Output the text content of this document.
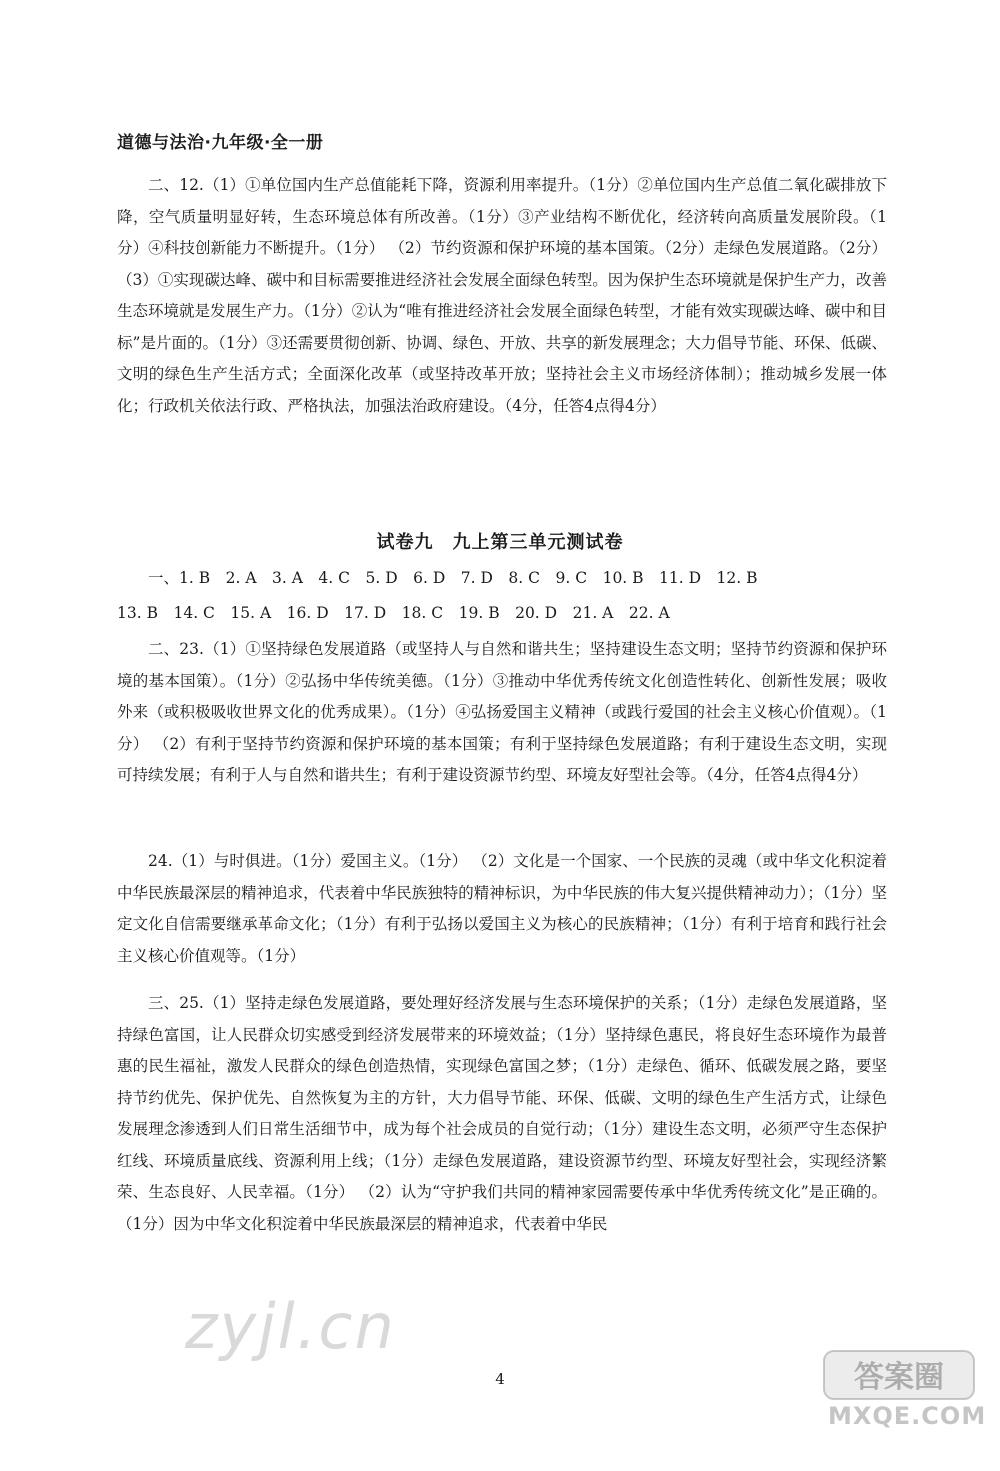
道德与法治·九年级·全一册
二、12.（1）①单位国内生产总值能耗下降，资源利用率提升。（1分）②单位国内生产总值二氧化碳排放下降，空气质量明显好转，生态环境总体有所改善。（1分）③产业结构不断优化，经济转向高质量发展阶段。（1分）④科技创新能力不断提升。（1分） （2）节约资源和保护环境的基本国策。（2分）走绿色发展道路。（2分） （3）①实现碳达峰、碳中和目标需要推进经济社会发展全面绿色转型。因为保护生态环境就是保护生产力，改善生态环境就是发展生产力。（1分）②认为“唯有推进经济社会发展全面绿色转型，才能有效实现碳达峰、碳中和目标”是片面的。（1分）③还需要贯彻创新、协调、绿色、开放、共享的新发展理念；大力倡导节能、环保、低碳、文明的绿色生产生活方式；全面深化改革（或坚持改革开放；坚持社会主义市场经济体制）；推动城乡发展一体化；行政机关依法行政、严格执法，加强法治政府建设。（4分，任答4点得4分）
试卷九　九上第三单元测试卷
一、1. B　2. A　3. A　4. C　5. D　6. D　7. D　8. C　9. C　10. B　11. D　12. B
13. B　14. C　15. A　16. D　17. D　18. C　19. B　20. D　21. A　22. A
二、23.（1）①坚持绿色发展道路（或坚持人与自然和谐共生；坚持建设生态文明；坚持节约资源和保护环境的基本国策）。（1分）②弘扬中华传统美德。（1分）③推动中华优秀传统文化创造性转化、创新性发展；吸收外来（或积极吸收世界文化的优秀成果）。（1分）④弘扬爱国主义精神（或践行爱国的社会主义核心价值观）。（1分） （2）有利于坚持节约资源和保护环境的基本国策；有利于坚持绿色发展道路；有利于建设生态文明，实现可持续发展；有利于人与自然和谐共生；有利于建设资源节约型、环境友好型社会等。（4分，任答4点得4分）
24.（1）与时俱进。（1分）爱国主义。（1分） （2）文化是一个国家、一个民族的灵魂（或中华文化积淀着中华民族最深层的精神追求，代表着中华民族独特的精神标识，为中华民族的伟大复兴提供精神动力）；（1分）坚定文化自信需要继承革命文化；（1分）有利于弘扬以爱国主义为核心的民族精神；（1分）有利于培育和践行社会主义核心价值观等。（1分）
三、25.（1）坚持走绿色发展道路，要处理好经济发展与生态环境保护的关系；（1分）走绿色发展道路，坚持绿色富国，让人民群众切实感受到经济发展带来的环境效益；（1分）坚持绿色惠民，将良好生态环境作为最普惠的民生福祉，激发人民群众的绿色创造热情，实现绿色富国之梦；（1分）走绿色、循环、低碳发展之路，要坚持节约优先、保护优先、自然恢复为主的方针，大力倡导节能、环保、低碳、文明的绿色生产生活方式，让绿色发展理念渗透到人们日常生活细节中，成为每个社会成员的自觉行动；（1分）建设生态文明，必须严守生态保护红线、环境质量底线、资源利用上线；（1分）走绿色发展道路，建设资源节约型、环境友好型社会，实现经济繁荣、生态良好、人民幸福。（1分） （2）认为“守护我们共同的精神家园需要传承中华优秀传统文化”是正确的。（1分）因为中华文化积淀着中华民族最深层的精神追求，代表着中华民
4
zyjl.cn
答案圈
MXQE.COM
